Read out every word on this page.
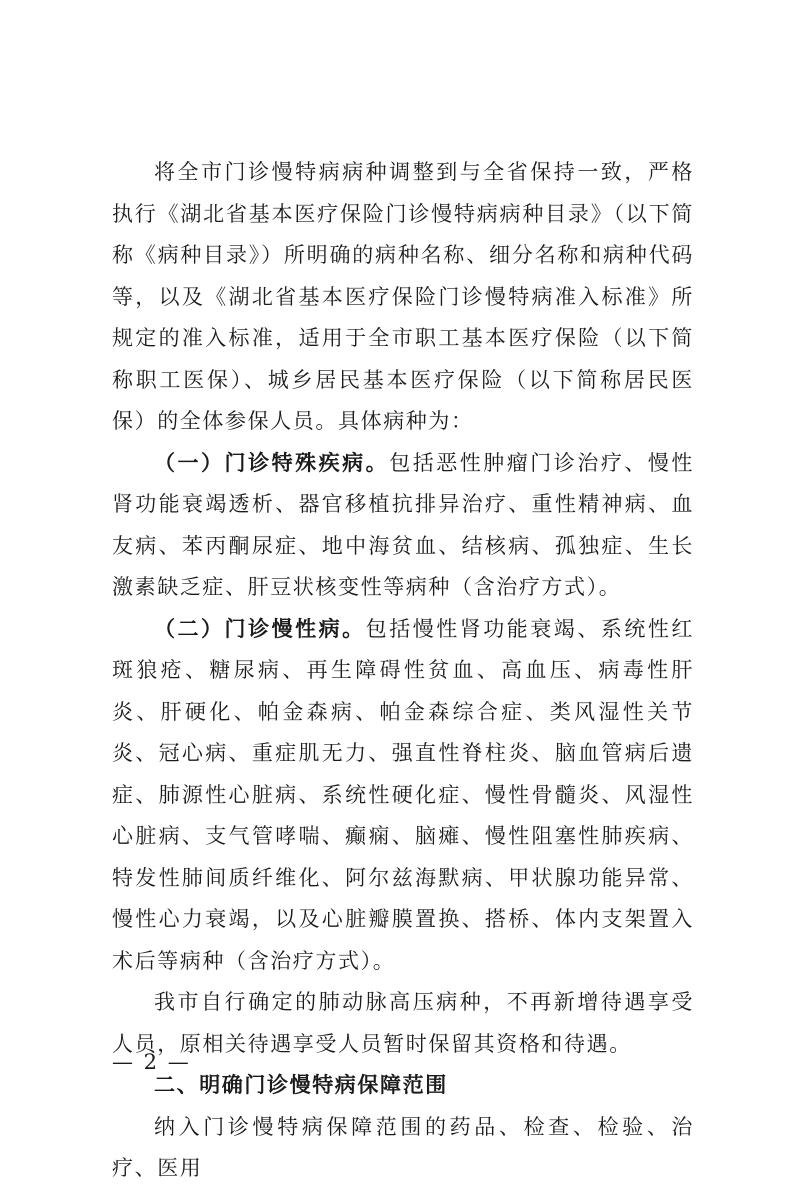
将全市门诊慢特病病种调整到与全省保持一致，严格执行《湖北省基本医疗保险门诊慢特病病种目录》（以下简称《病种目录》）所明确的病种名称、细分名称和病种代码等，以及《湖北省基本医疗保险门诊慢特病准入标准》所规定的准入标准，适用于全市职工基本医疗保险（以下简称职工医保）、城乡居民基本医疗保险（以下简称居民医保）的全体参保人员。具体病种为：

（一）门诊特殊疾病。包括恶性肿瘤门诊治疗、慢性肾功能衰竭透析、器官移植抗排异治疗、重性精神病、血友病、苯丙酮尿症、地中海贫血、结核病、孤独症、生长激素缺乏症、肝豆状核变性等病种（含治疗方式）。

（二）门诊慢性病。包括慢性肾功能衰竭、系统性红斑狼疮、糖尿病、再生障碍性贫血、高血压、病毒性肝炎、肝硬化、帕金森病、帕金森综合症、类风湿性关节炎、冠心病、重症肌无力、强直性脊柱炎、脑血管病后遗症、肺源性心脏病、系统性硬化症、慢性骨髓炎、风湿性心脏病、支气管哮喘、癫痫、脑瘫、慢性阻塞性肺疾病、特发性肺间质纤维化、阿尔兹海默病、甲状腺功能异常、慢性心力衰竭，以及心脏瓣膜置换、搭桥、体内支架置入术后等病种（含治疗方式）。

我市自行确定的肺动脉高压病种，不再新增待遇享受人员，原相关待遇享受人员暂时保留其资格和待遇。

二、明确门诊慢特病保障范围

纳入门诊慢特病保障范围的药品、检查、检验、治疗、医用

— 2 —
